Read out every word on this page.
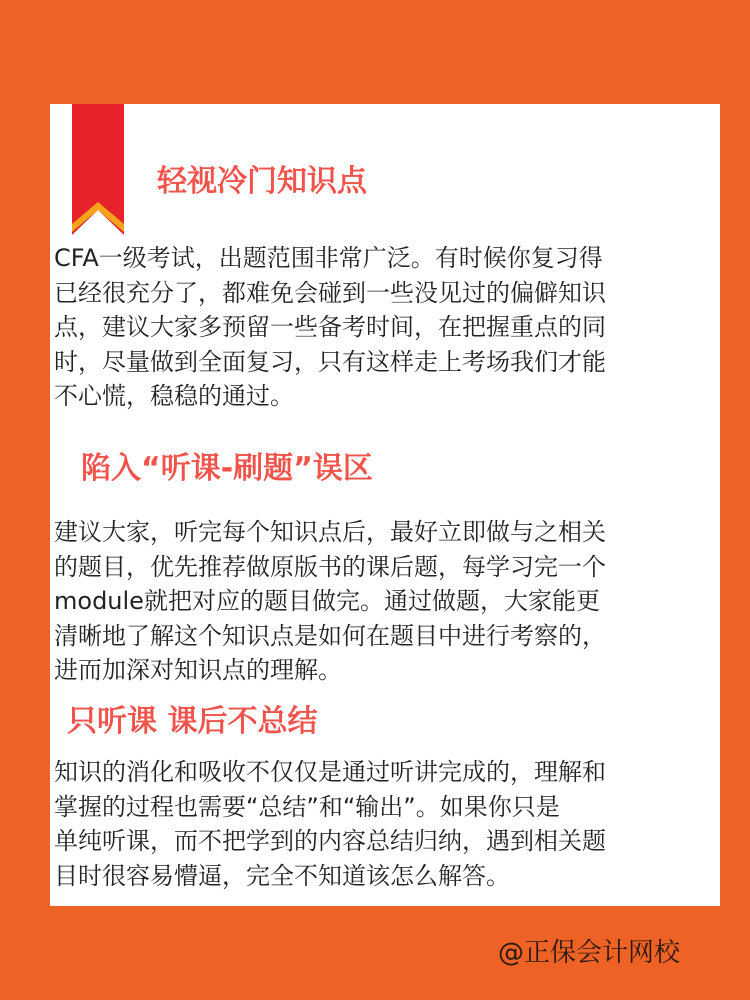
轻视冷门知识点
CFA一级考试，出题范围非常广泛。有时候你复习得
已经很充分了，都难免会碰到一些没见过的偏僻知识
点，建议大家多预留一些备考时间，在把握重点的同
时，尽量做到全面复习，只有这样走上考场我们才能
不心慌，稳稳的通过。
陷入“听课-刷题”误区
建议大家，听完每个知识点后，最好立即做与之相关
的题目，优先推荐做原版书的课后题，每学习完一个
module就把对应的题目做完。通过做题，大家能更
清晰地了解这个知识点是如何在题目中进行考察的，
进而加深对知识点的理解。
只听课 课后不总结
知识的消化和吸收不仅仅是通过听讲完成的，理解和
掌握的过程也需要“总结”和“输出”。如果你只是
单纯听课，而不把学到的内容总结归纳，遇到相关题
目时很容易懵逼，完全不知道该怎么解答。
@正保会计网校
